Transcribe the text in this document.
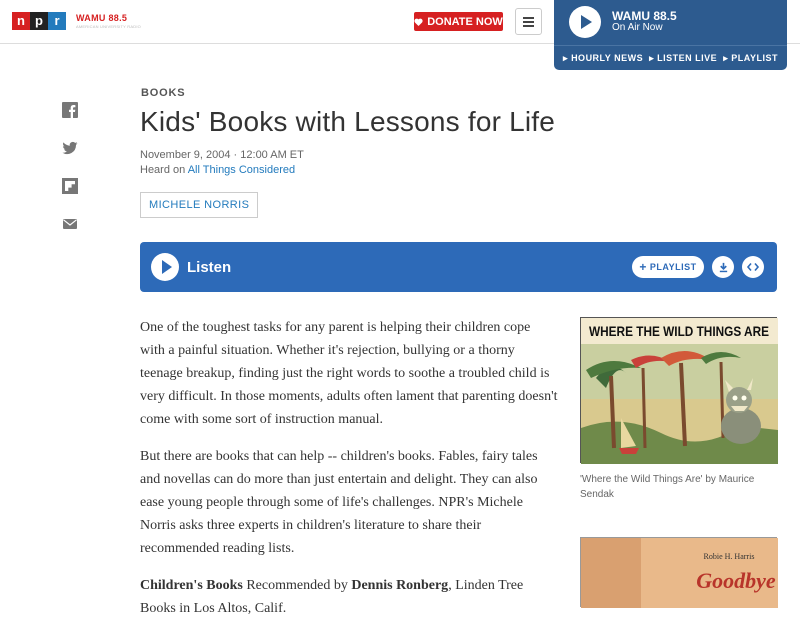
n p r	WAMU 88.5
AMERICAN UNIVERSITY RADIO	DONATE NOW	WAMU 88.5
On Air Now
▸ HOURLY NEWS ▸ LISTEN LIVE ▸ PLAYLIST
BOOKS
Kids' Books with Lessons for Life
November 9, 2004 · 12:00 AM ET
Heard on All Things Considered
MICHELE NORRIS
Listen	+ PLAYLIST

One of the toughest tasks for any parent is helping their children cope with a painful situation. Whether it's rejection, bullying or a thorny teenage breakup, finding just the right words to soothe a troubled child is very difficult. In those moments, adults often lament that parenting doesn't come with some sort of instruction manual.

But there are books that can help -- children's books. Fables, fairy tales and novellas can do more than just entertain and delight. They can also ease young people through some of life's challenges. NPR's Michele Norris asks three experts in children's literature to share their recommended reading lists.

Children's Books Recommended by Dennis Ronberg, Linden Tree Books in Los Altos, Calif.

WHERE THE WILD THINGS ARE
'Where the Wild Things Are' by Maurice Sendak
Robie H. Harris
Goodbye
